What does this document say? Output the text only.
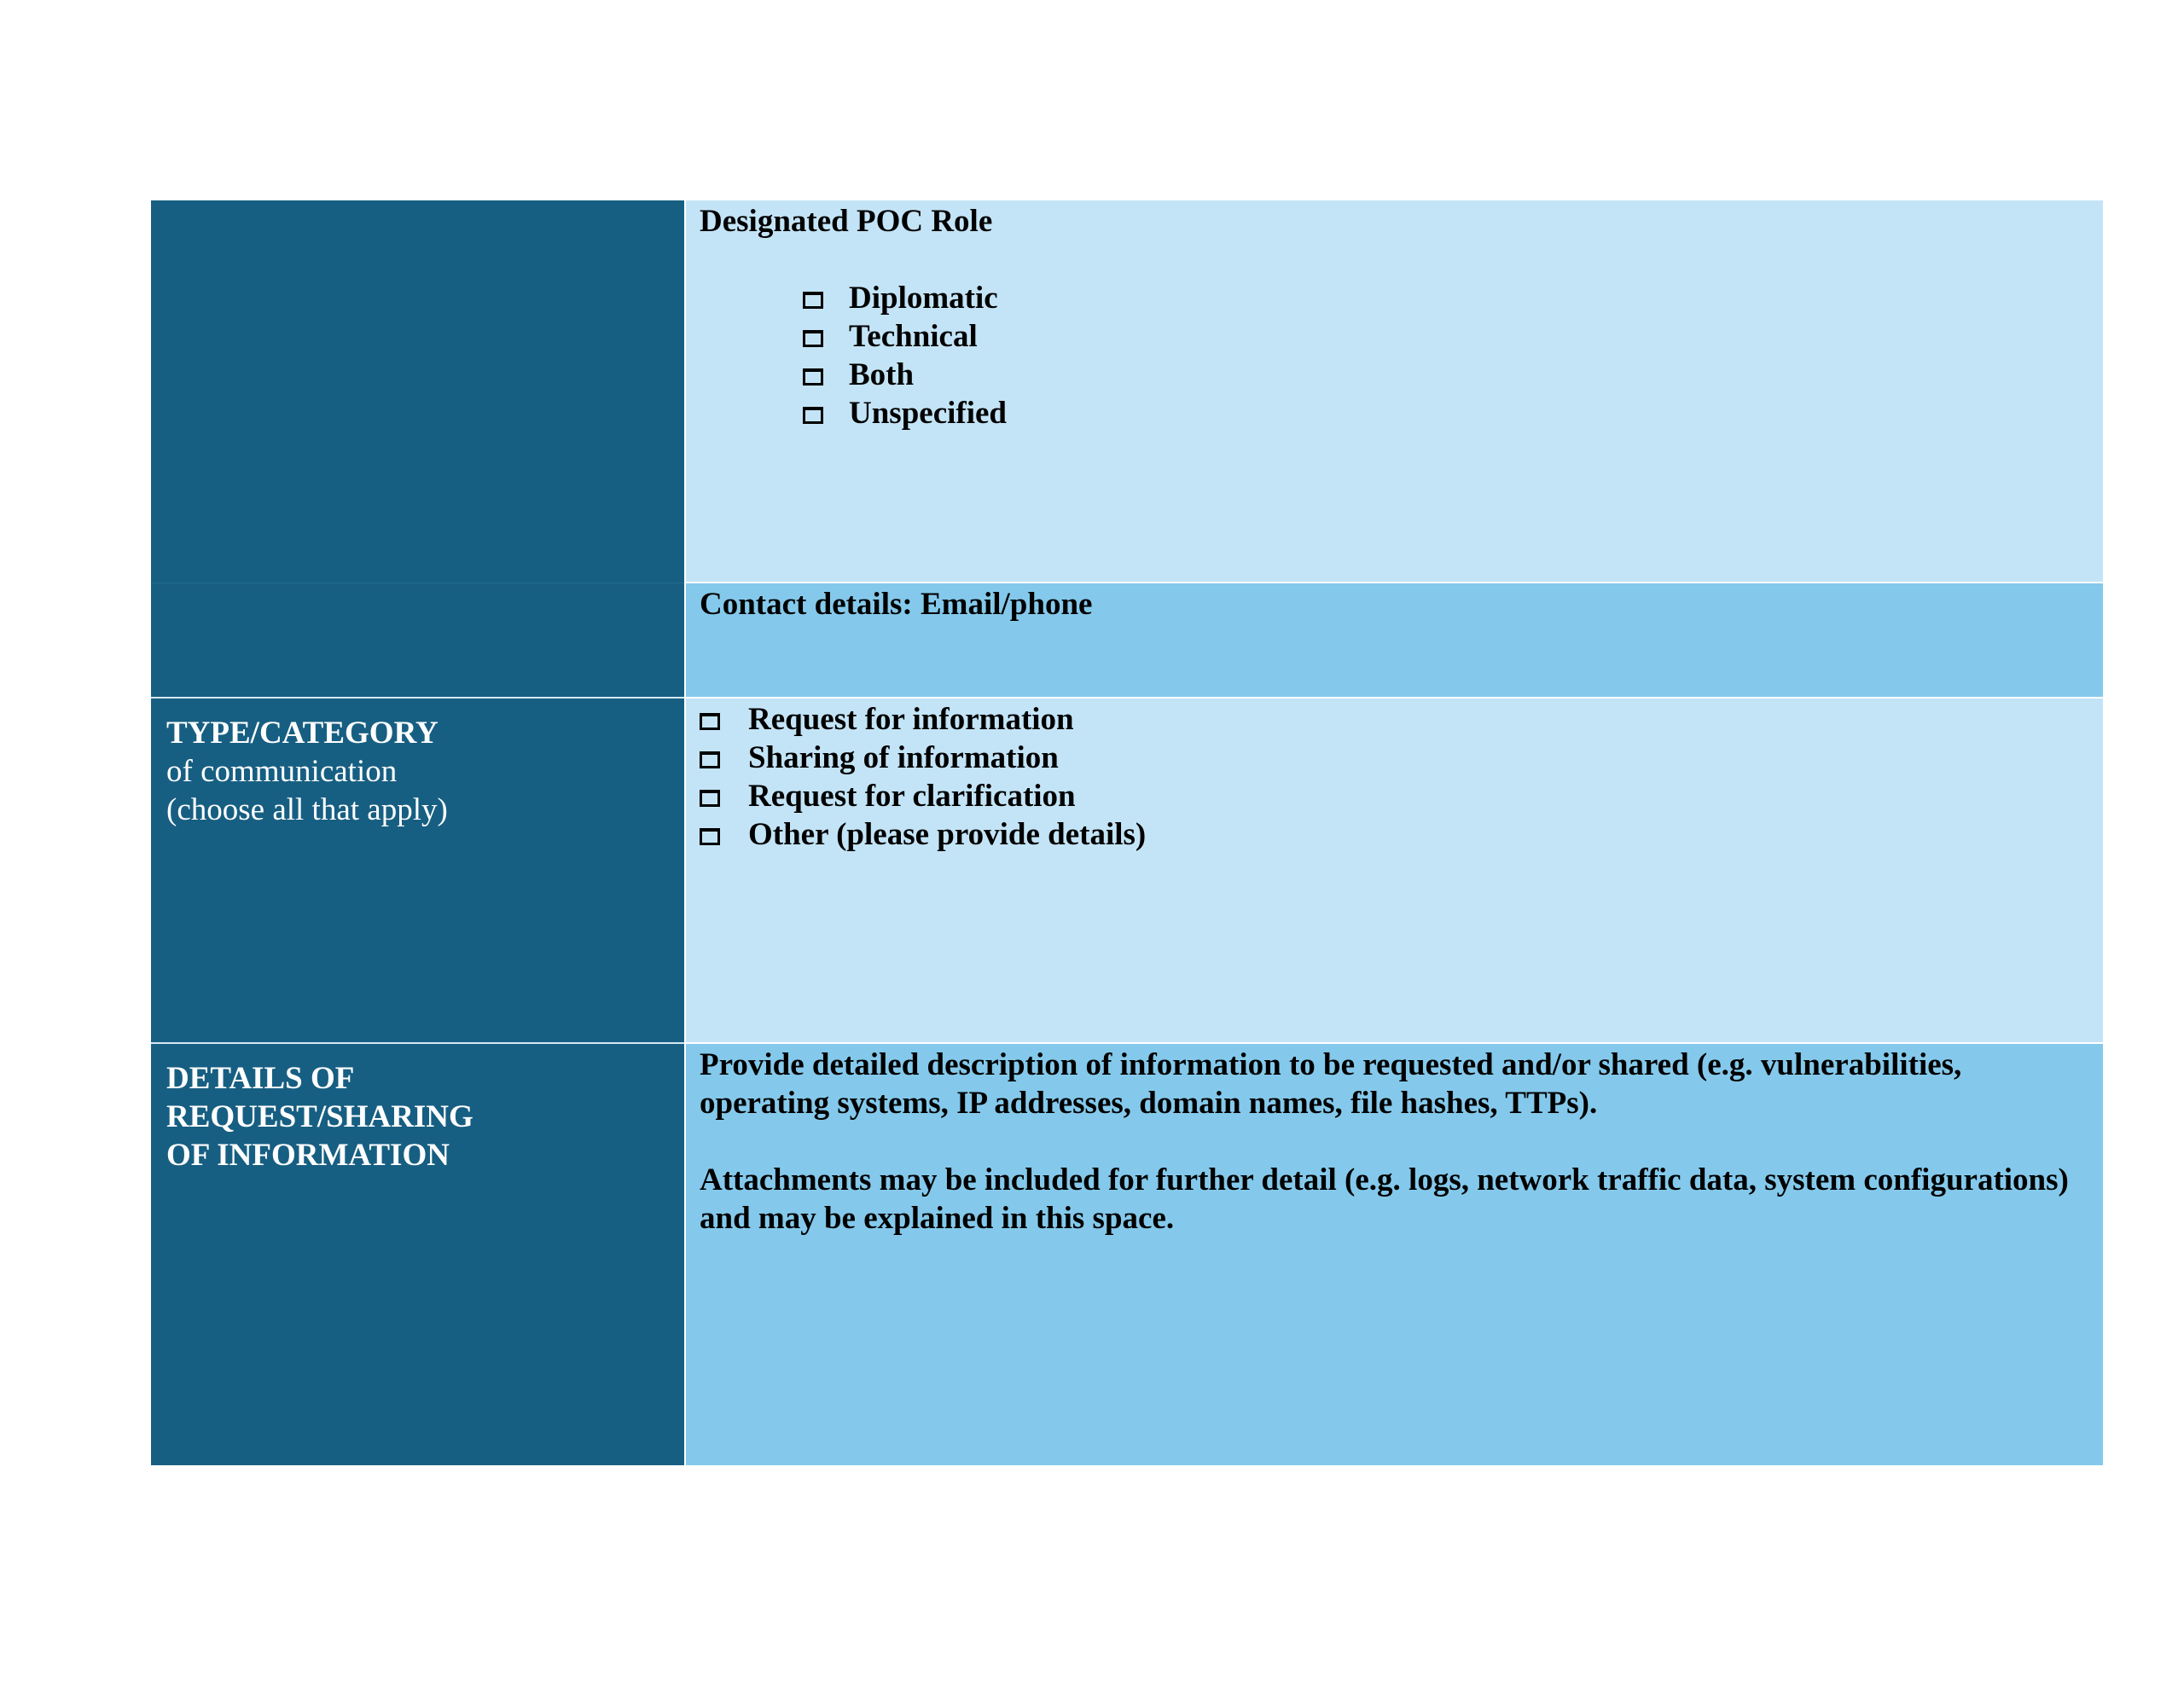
Designated POC Role

Diplomatic
Technical
Both
Unspecified

Contact details: Email/phone

TYPE/CATEGORY
of communication
(choose all that apply)
Request for information
Sharing of information
Request for clarification
Other (please provide details)
DETAILS OF
REQUEST/SHARING
OF INFORMATION

Provide detailed description of information to be requested and/or shared (e.g. vulnerabilities, operating systems, IP addresses, domain names, file hashes, TTPs).

Attachments may be included for further detail (e.g. logs, network traffic data, system configurations) and may be explained in this space.
